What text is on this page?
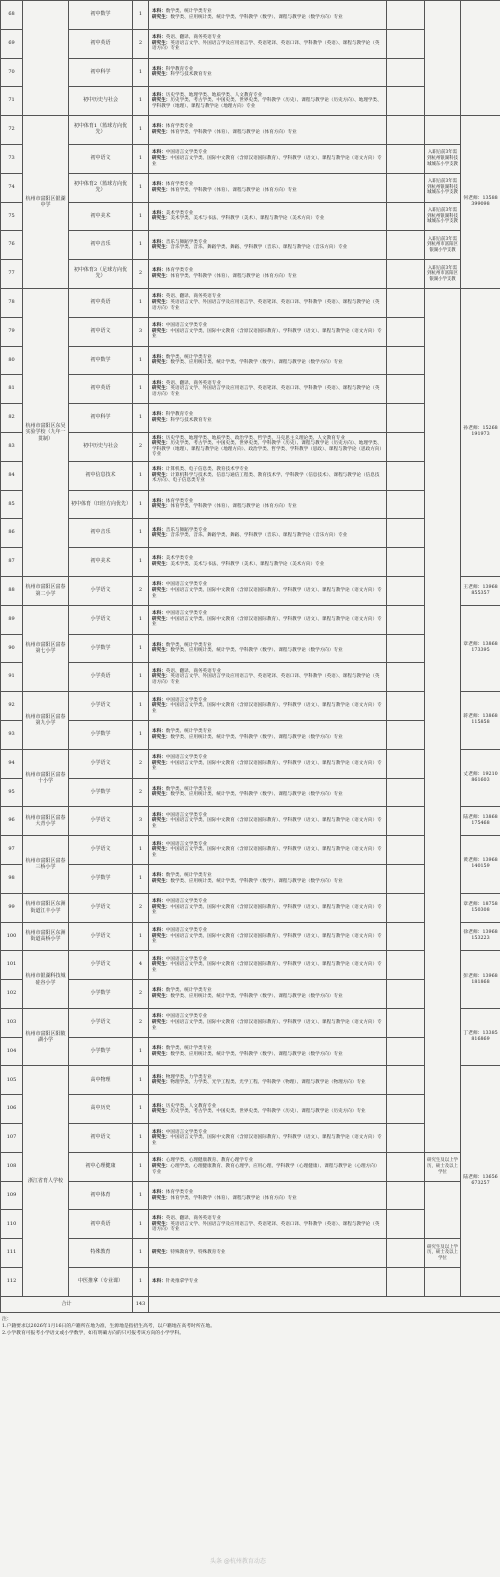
68		初中数学	1	本科：数学类、统计学类专业
研究生：数学类、应用统计类、统计学类、学科教学（数学）、课程与教学论（数学方向）专业			
69		初中英语	2	本科：英语、翻译、商务英语专业
研究生：英语语言文学、外国语言学及应用语言学、英语笔译、英语口译、学科教学（英语）、课程与教学论（英语方向）专业			
70		初中科学	1	本科：科学教育专业
研究生：科学与技术教育专业			
71		初中历史与社会	1	本科：历史学类、地理学类、地质学类、人文教育专业
研究生：历史学类、考古学类、中国史类、世界史类、学科教学（历史）、课程与教学论（历史方向）、地理学类、学科教学（地理）、课程与教学论（地理方向）专业			
72	杭州市富阳区银湖中学	初中体育1（篮球方向优先）	1	本科：体育学类专业
研究生：体育学类、学科教学（体育）、课程与教学论（体育方向）专业			何老师：13588399098
73		初中语文	1	本科：中国语言文学类专业
研究生：中国语言文学类、国际中文教育（含原汉语国际教育）、学科教学（语文）、课程与教学论（语文方向）专业		入职后前3年需到杭州银湖科技城城东小学支教	
74		初中体育2（篮球方向优先）	1	本科：体育学类专业
研究生：体育学类、学科教学（体育）、课程与教学论（体育方向）专业		入职后前3年需到杭州银湖科技城城东小学支教	
75		初中美术	1	本科：美术学类专业
研究生：美术学类、美术与书法、学科教学（美术）、课程与教学论（美术方向）专业		入职后前3年需到杭州银湖科技城城东小学支教	
76		初中音乐	1	本科：音乐与舞蹈学类专业
研究生：音乐学类、音乐、舞蹈学类、舞蹈、学科教学（音乐）、课程与教学论（音乐方向）专业		入职后前3年需到杭州市富阳区银湖小学支教	
77		初中体育3（足球方向优先）	2	本科：体育学类专业
研究生：体育学类、学科教学（体育）、课程与教学论（体育方向）专业		入职后前3年需到杭州市富阳区银湖小学支教	
78	杭州市富阳区东吴实验学校（九年一贯制）	初中英语	1	本科：英语、翻译、商务英语专业
研究生：英语语言文学、外国语言学及应用语言学、英语笔译、英语口译、学科教学（英语）、课程与教学论（英语方向）专业			孙老师：15268191973
79		初中语文	3	本科：中国语言文学类专业
研究生：中国语言文学类、国际中文教育（含原汉语国际教育）、学科教学（语文）、课程与教学论（语文方向）专业			
80		初中数学	1	本科：数学类、统计学类专业
研究生：数学类、应用统计类、统计学类、学科教学（数学）、课程与教学论（数学方向）专业			
81		初中英语	1	本科：英语、翻译、商务英语专业
研究生：英语语言文学、外国语言学及应用语言学、英语笔译、英语口译、学科教学（英语）、课程与教学论（英语方向）专业			
82		初中科学	1	本科：科学教育专业
研究生：科学与技术教育专业			
83		初中历史与社会	2	本科：历史学类、地理学类、地质学类、政治学类、哲学类、马克思主义理论类、人文教育专业
研究生：历史学类、考古学类、中国史类、世界史类、学科教学（历史）、课程与教学论（历史方向）、地理学类、学科教学（地理）、课程与教学论（地理方向）、政治学类、哲学类、学科教学（思政）、课程与教学论（思政方向）专业			
84		初中信息技术	1	本科：计算机类、电子信息类、教育技术学专业
研究生：计算机科学与技术类、信息与通信工程类、教育技术学、学科教学（信息技术）、课程与教学论（信息技术方向）、电子信息类专业			
85		初中体育（田径方向优先）	1	本科：体育学类专业
研究生：体育学类、学科教学（体育）、课程与教学论（体育方向）专业			
86		初中音乐	1	本科：音乐与舞蹈学类专业
研究生：音乐学类、音乐、舞蹈学类、舞蹈、学科教学（音乐）、课程与教学论（音乐方向）专业			
87		初中美术	1	本科：美术学类专业
研究生：美术学类、美术与书法、学科教学（美术）、课程与教学论（美术方向）专业			
88	杭州市富阳区富春第二小学	小学语文	2	本科：中国语言文学类专业
研究生：中国语言文学类、国际中文教育（含原汉语国际教育）、学科教学（语文）、课程与教学论（语文方向）专业			王老师：13968855357
89	杭州市富阳区富春第七小学	小学语文	1	本科：中国语言文学类专业
研究生：中国语言文学类、国际中文教育（含原汉语国际教育）、学科教学（语文）、课程与教学论（语文方向）专业			章老师：13868173395
90		小学数学	1	本科：数学类、统计学类专业
研究生：数学类、应用统计类、统计学类、学科教学（数学）、课程与教学论（数学方向）专业			
91		小学英语	1	本科：英语、翻译、商务英语专业
研究生：英语语言文学、外国语言学及应用语言学、英语笔译、英语口译、学科教学（英语）、课程与教学论（英语方向）专业			
92	杭州市富阳区富春第九小学	小学语文	1	本科：中国语言文学类专业
研究生：中国语言文学类、国际中文教育（含原汉语国际教育）、学科教学（语文）、课程与教学论（语文方向）专业			蒋老师：13868115858
93		小学数学	1	本科：数学类、统计学类专业
研究生：数学类、应用统计类、统计学类、学科教学（数学）、课程与教学论（数学方向）专业			
94	杭州市富阳区富春十小学	小学语文	2	本科：中国语言文学类专业
研究生：中国语言文学类、国际中文教育（含原汉语国际教育）、学科教学（语文）、课程与教学论（语文方向）专业			丈老师：19210861603
95		小学数学	2	本科：数学类、统计学类专业
研究生：数学类、应用统计类、统计学类、学科教学（数学）、课程与教学论（数学方向）专业			
96	杭州市富阳区富春大青小学	小学语文	3	本科：中国语言文学类专业
研究生：中国语言文学类、国际中文教育（含原汉语国际教育）、学科教学（语文）、课程与教学论（语文方向）专业			陆老师：13868175468
97	杭州市富阳区富春三桥小学	小学语文	1	本科：中国语言文学类专业
研究生：中国语言文学类、国际中文教育（含原汉语国际教育）、学科教学（语文）、课程与教学论（语文方向）专业			黄老师：13968140159
98		小学数学	1	本科：数学类、统计学类专业
研究生：数学类、应用统计类、统计学类、学科教学（数学）、课程与教学论（数学方向）专业			
99	杭州市富阳区东洲街道江丰小学	小学语文	2	本科：中国语言文学类专业
研究生：中国语言文学类、国际中文教育（含原汉语国际教育）、学科教学（语文）、课程与教学论（语文方向）专业			章老师：18758150308
100	杭州市富阳区东洲街道高桥小学	小学语文	1	本科：中国语言文学类专业
研究生：中国语言文学类、国际中文教育（含原汉语国际教育）、学科教学（语文）、课程与教学论（语文方向）专业			徐老师：13968153223
101	杭州市银湖科技城硅谷小学	小学语文	4	本科：中国语言文学类专业
研究生：中国语言文学类、国际中文教育（含原汉语国际教育）、学科教学（语文）、课程与教学论（语文方向）专业			彭老师：13968181868
102		小学数学	2	本科：数学类、统计学类专业
研究生：数学类、应用统计类、统计学类、学科教学（数学）、课程与教学论（数学方向）专业			
103	杭州市富阳区阳陂湖小学	小学语文	2	本科：中国语言文学类专业
研究生：中国语言文学类、国际中文教育（含原汉语国际教育）、学科教学（语文）、课程与教学论（语文方向）专业			丁老师：13385816869
104		小学数学	1	本科：数学类、统计学类专业
研究生：数学类、应用统计类、统计学类、学科教学（数学）、课程与教学论（数学方向）专业			
105	浙江省育人学校	高中物理	1	本科：物理学类、力学类专业
研究生：物理学类、力学类、光学工程类、光学工程、学科教学（物理）、课程与教学论（物理方向）专业			陆老师：13656673257
106		高中历史	1	本科：历史学类、人文教育专业
研究生：历史学类、考古学类、中国史类、世界史类、学科教学（历史）、课程与教学论（历史方向）专业			
107		初中语文	1	本科：中国语言文学类专业
研究生：中国语言文学类、国际中文教育（含原汉语国际教育）、学科教学（语文）、课程与教学论（语文方向）专业			
108		初中心理健康	1	本科：心理学类、心理健康教育、教育心理学专业
研究生：心理学类、心理健康教育、教育心理学、应用心理、学科教学（心理健康）、课程与教学论（心理方向）专业		研究生及以上学历，硕士及以上学位	
109		初中体育	1	本科：体育学类专业
研究生：体育学类、学科教学（体育）、课程与教学论（体育方向）专业			
110		初中英语	1	本科：英语、翻译、商务英语专业
研究生：英语语言文学、外国语言学及应用语言学、英语笔译、英语口译、学科教学（英语）、课程与教学论（英语方向）专业			
111		特殊教育	1	研究生：特殊教育学、特殊教育专业		研究生及以上学历，硕士及以上学位	
112		中医推拿（专业课）	1	本科：针灸推拿学专业			
合计			143				
注：
1.户籍要求以2026年1月16日的户籍所在地为准，生源地是指招生高考，以户籍地在高考时所在地。
2.小学教育可报考小学语文或小学数学，如有明确方向的只可报考该方向的小学学科。
头条 @杭州教育动态
